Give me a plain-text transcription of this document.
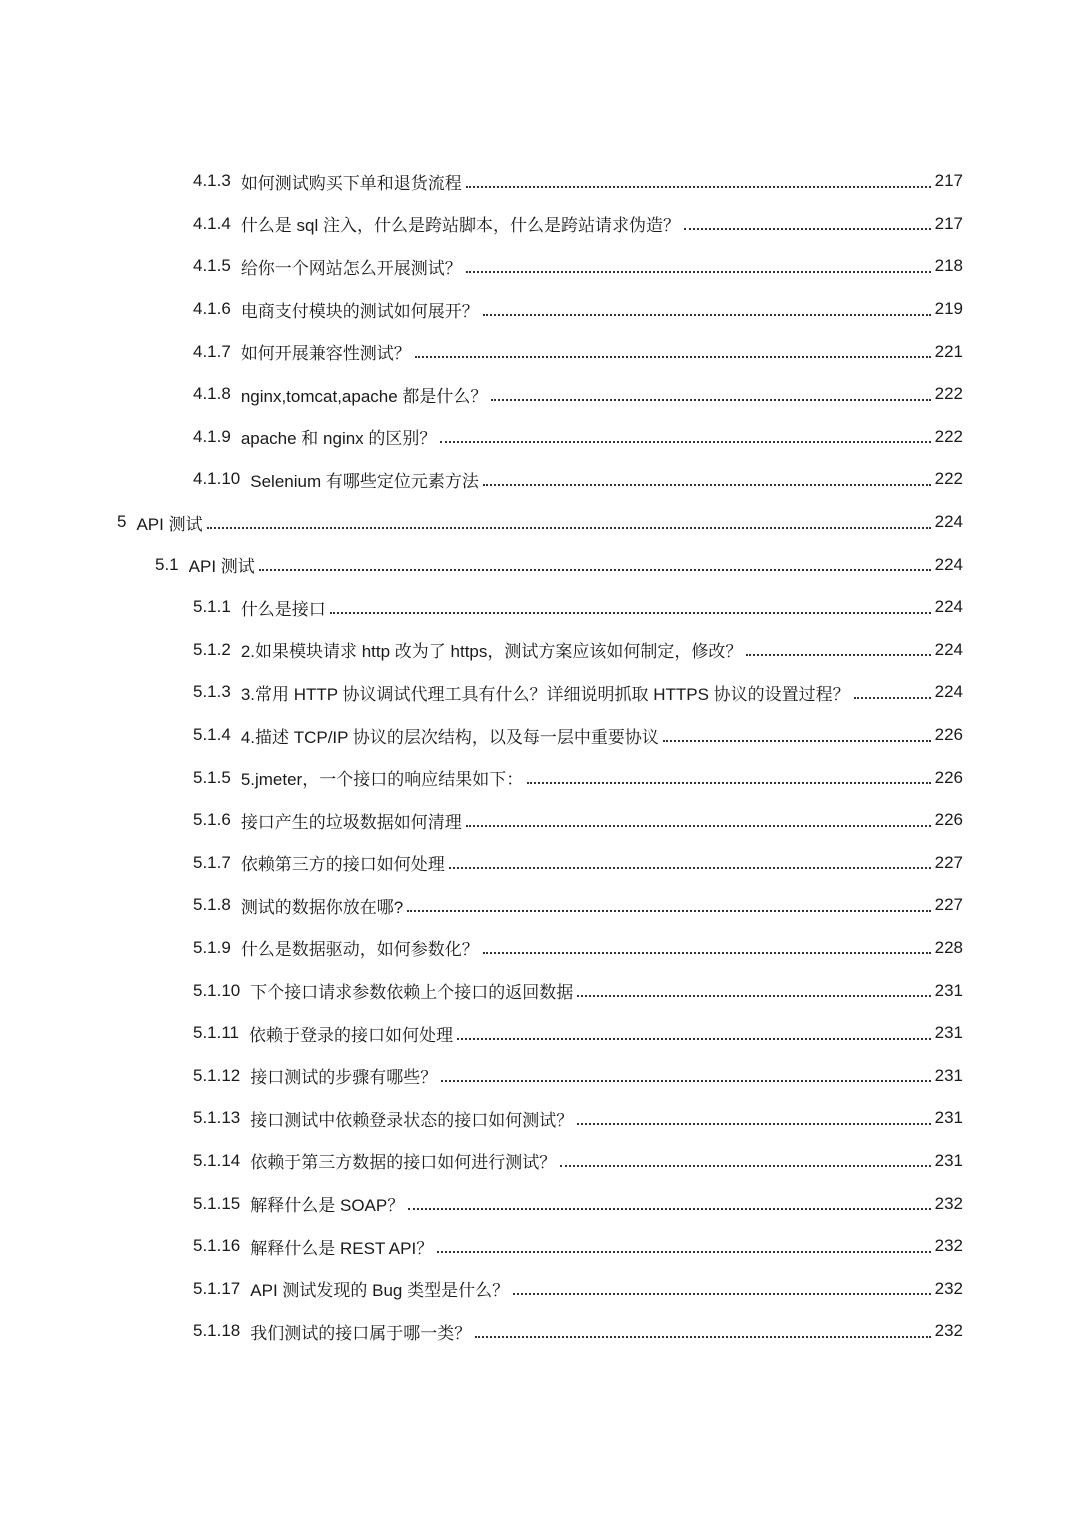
4.1.3 如何测试购买下单和退货流程	217
4.1.4 什么是 sql 注入，什么是跨站脚本，什么是跨站请求伪造？	217
4.1.5 给你一个网站怎么开展测试？	218
4.1.6 电商支付模块的测试如何展开？	219
4.1.7 如何开展兼容性测试？	221
4.1.8 nginx,tomcat,apache 都是什么？	222
4.1.9 apache 和 nginx 的区别？	222
4.1.10 Selenium 有哪些定位元素方法	222
5 API 测试	224
5.1 API 测试	224
5.1.1 什么是接口	224
5.1.2 2.如果模块请求 http 改为了 https，测试方案应该如何制定，修改？	224
5.1.3 3.常用 HTTP 协议调试代理工具有什么？详细说明抓取 HTTPS 协议的设置过程？	224
5.1.4 4.描述 TCP/IP 协议的层次结构，以及每一层中重要协议	226
5.1.5 5.jmeter，一个接口的响应结果如下：	226
5.1.6 接口产生的垃圾数据如何清理	226
5.1.7 依赖第三方的接口如何处理	227
5.1.8 测试的数据你放在哪?	227
5.1.9 什么是数据驱动，如何参数化？	228
5.1.10 下个接口请求参数依赖上个接口的返回数据	231
5.1.11 依赖于登录的接口如何处理	231
5.1.12 接口测试的步骤有哪些？	231
5.1.13 接口测试中依赖登录状态的接口如何测试？	231
5.1.14 依赖于第三方数据的接口如何进行测试？	231
5.1.15 解释什么是 SOAP？	232
5.1.16 解释什么是 REST API？	232
5.1.17 API 测试发现的 Bug 类型是什么？	232
5.1.18 我们测试的接口属于哪一类？	232
